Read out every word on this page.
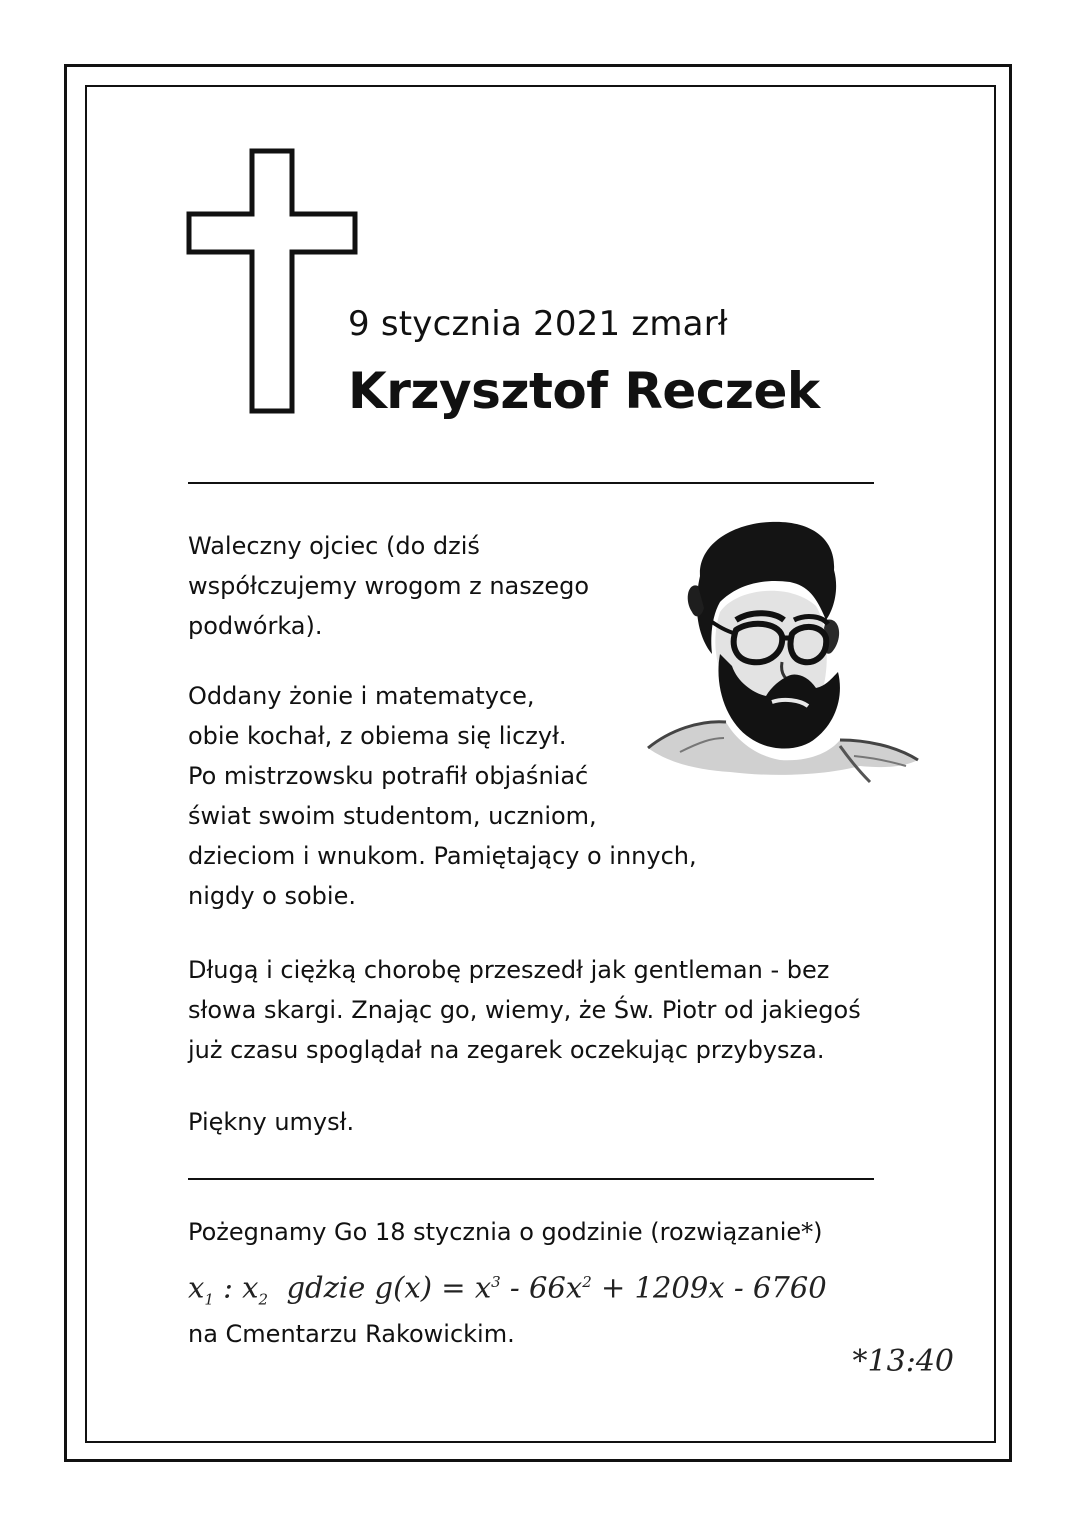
9 stycznia 2021 zmarł
Krzysztof Reczek

Waleczny ojciec (do dziś
współczujemy wrogom z naszego
podwórka).

Oddany żonie i matematyce,
obie kochał, z obiema się liczył.
Po mistrzowsku potrafił objaśniać
świat swoim studentom, uczniom,
dzieciom i wnukom. Pamiętający o innych,
nigdy o sobie.

Długą i ciężką chorobę przeszedł jak gentleman - bez
słowa skargi. Znając go, wiemy, że Św. Piotr od jakiegoś
już czasu spoglądał na zegarek oczekując przybysza.

Piękny umysł.

Pożegnamy Go 18 stycznia o godzinie (rozwiązanie*)
$x_1$ : $x_2$ gdzie $g(x) = x^3 - 66x^2 + 1209x - 6760$
na Cmentarzu Rakowickim.
*13:40
